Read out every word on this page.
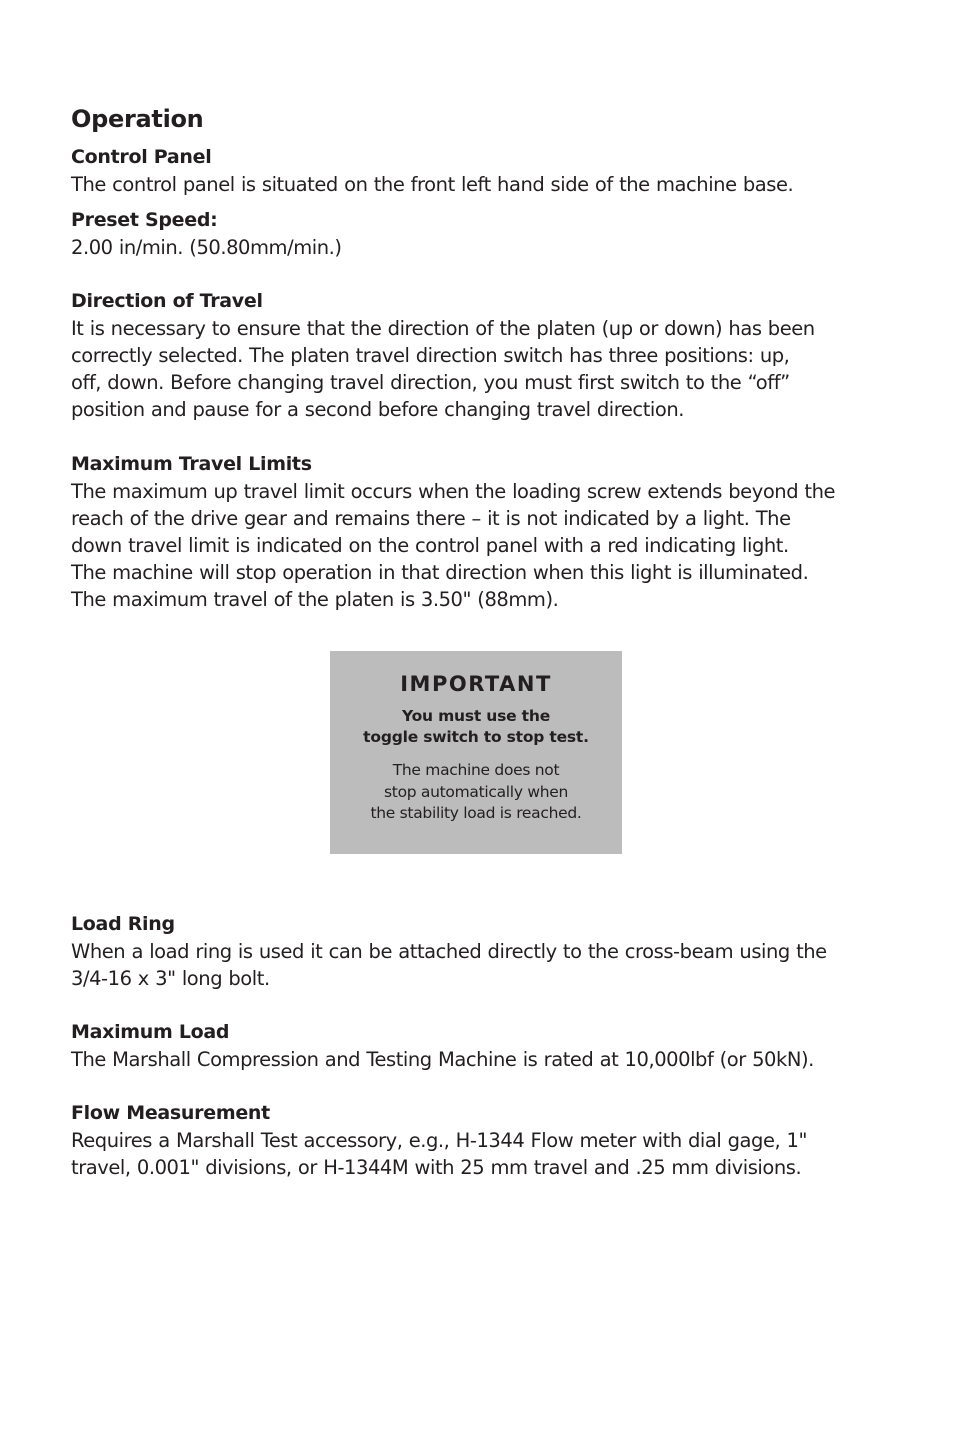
Operation

Control Panel

The control panel is situated on the front left hand side of the machine base.

Preset Speed:

2.00 in/min. (50.80mm/min.)

Direction of Travel

It is necessary to ensure that the direction of the platen (up or down) has been
correctly selected. The platen travel direction switch has three positions: up,
off, down. Before changing travel direction, you must first switch to the “off”
position and pause for a second before changing travel direction.

Maximum Travel Limits

The maximum up travel limit occurs when the loading screw extends beyond the
reach of the drive gear and remains there – it is not indicated by a light. The
down travel limit is indicated on the control panel with a red indicating light.
The machine will stop operation in that direction when this light is illuminated.
The maximum travel of the platen is 3.50" (88mm).

Load Ring

When a load ring is used it can be attached directly to the cross-beam using the
3/4-16 x 3" long bolt.

Maximum Load

The Marshall Compression and Testing Machine is rated at 10,000lbf (or 50kN).

Flow Measurement

Requires a Marshall Test accessory, e.g., H-1344 Flow meter with dial gage, 1"
travel, 0.001" divisions, or H-1344M with 25 mm travel and .25 mm divisions.

IMPORTANT
You must use the
toggle switch to stop test.
The machine does not
stop automatically when
the stability load is reached.
